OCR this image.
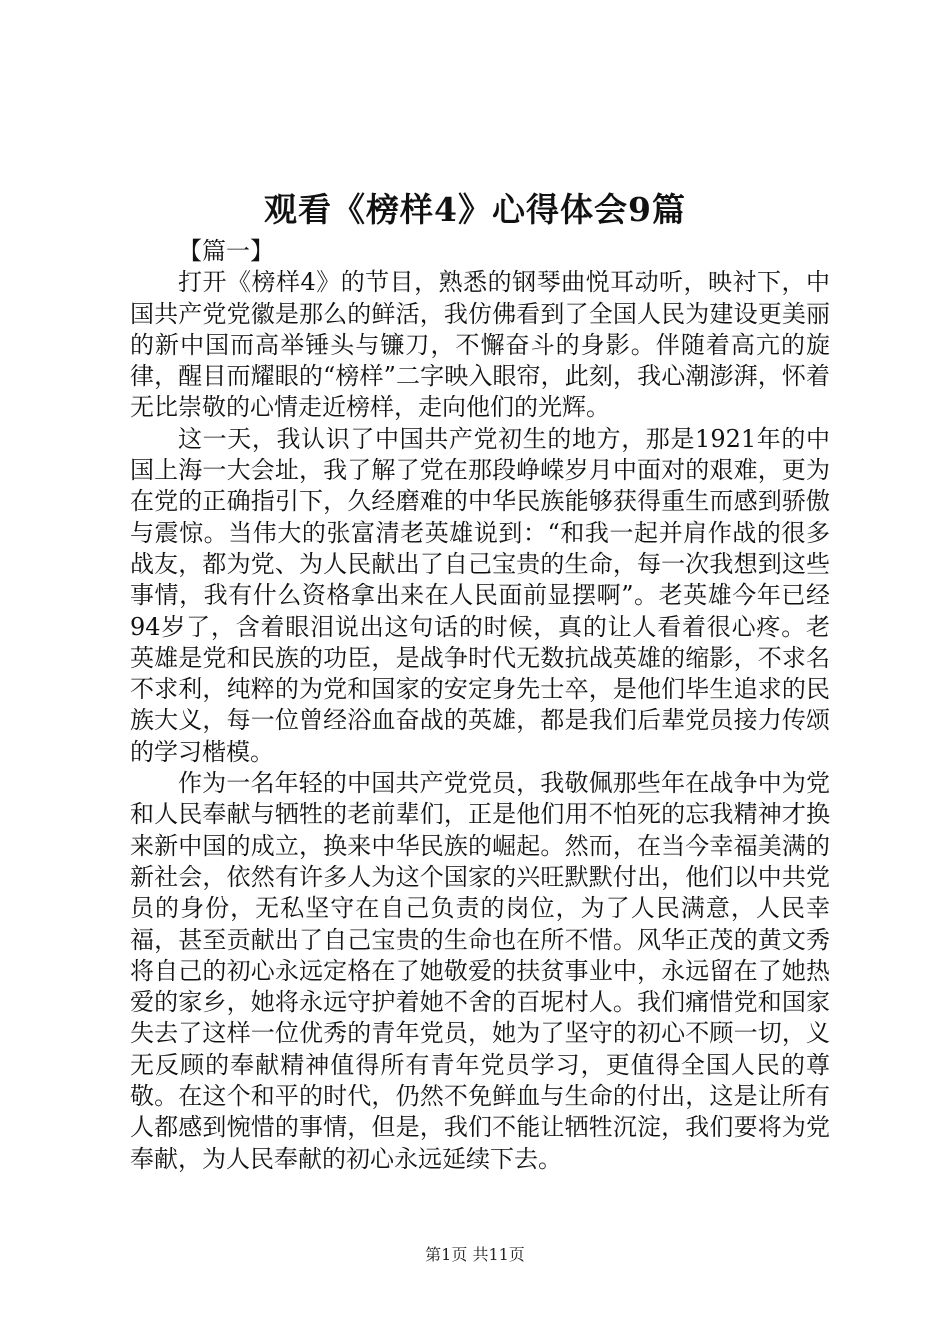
观看《榜样4》心得体会9篇

【篇一】

打开《榜样4》的节目，熟悉的钢琴曲悦耳动听，映衬下，中国共产党党徽是那么的鲜活，我仿佛看到了全国人民为建设更美丽的新中国而高举锤头与镰刀，不懈奋斗的身影。伴随着高亢的旋律，醒目而耀眼的“榜样”二字映入眼帘，此刻，我心潮澎湃，怀着无比崇敬的心情走近榜样，走向他们的光辉。

这一天，我认识了中国共产党初生的地方，那是1921年的中国上海一大会址，我了解了党在那段峥嵘岁月中面对的艰难，更为在党的正确指引下，久经磨难的中华民族能够获得重生而感到骄傲与震惊。当伟大的张富清老英雄说到：“和我一起并肩作战的很多战友，都为党、为人民献出了自己宝贵的生命，每一次我想到这些事情，我有什么资格拿出来在人民面前显摆啊”。老英雄今年已经94岁了，含着眼泪说出这句话的时候，真的让人看着很心疼。老英雄是党和民族的功臣，是战争时代无数抗战英雄的缩影，不求名不求利，纯粹的为党和国家的安定身先士卒，是他们毕生追求的民族大义，每一位曾经浴血奋战的英雄，都是我们后辈党员接力传颂的学习楷模。

作为一名年轻的中国共产党党员，我敬佩那些年在战争中为党和人民奉献与牺牲的老前辈们，正是他们用不怕死的忘我精神才换来新中国的成立，换来中华民族的崛起。然而，在当今幸福美满的新社会，依然有许多人为这个国家的兴旺默默付出，他们以中共党员的身份，无私坚守在自己负责的岗位，为了人民满意，人民幸福，甚至贡献出了自己宝贵的生命也在所不惜。风华正茂的黄文秀将自己的初心永远定格在了她敬爱的扶贫事业中，永远留在了她热爱的家乡，她将永远守护着她不舍的百坭村人。我们痛惜党和国家失去了这样一位优秀的青年党员，她为了坚守的初心不顾一切，义无反顾的奉献精神值得所有青年党员学习，更值得全国人民的尊敬。在这个和平的时代，仍然不免鲜血与生命的付出，这是让所有人都感到惋惜的事情，但是，我们不能让牺牲沉淀，我们要将为党奉献，为人民奉献的初心永远延续下去。

第1页 共11页
